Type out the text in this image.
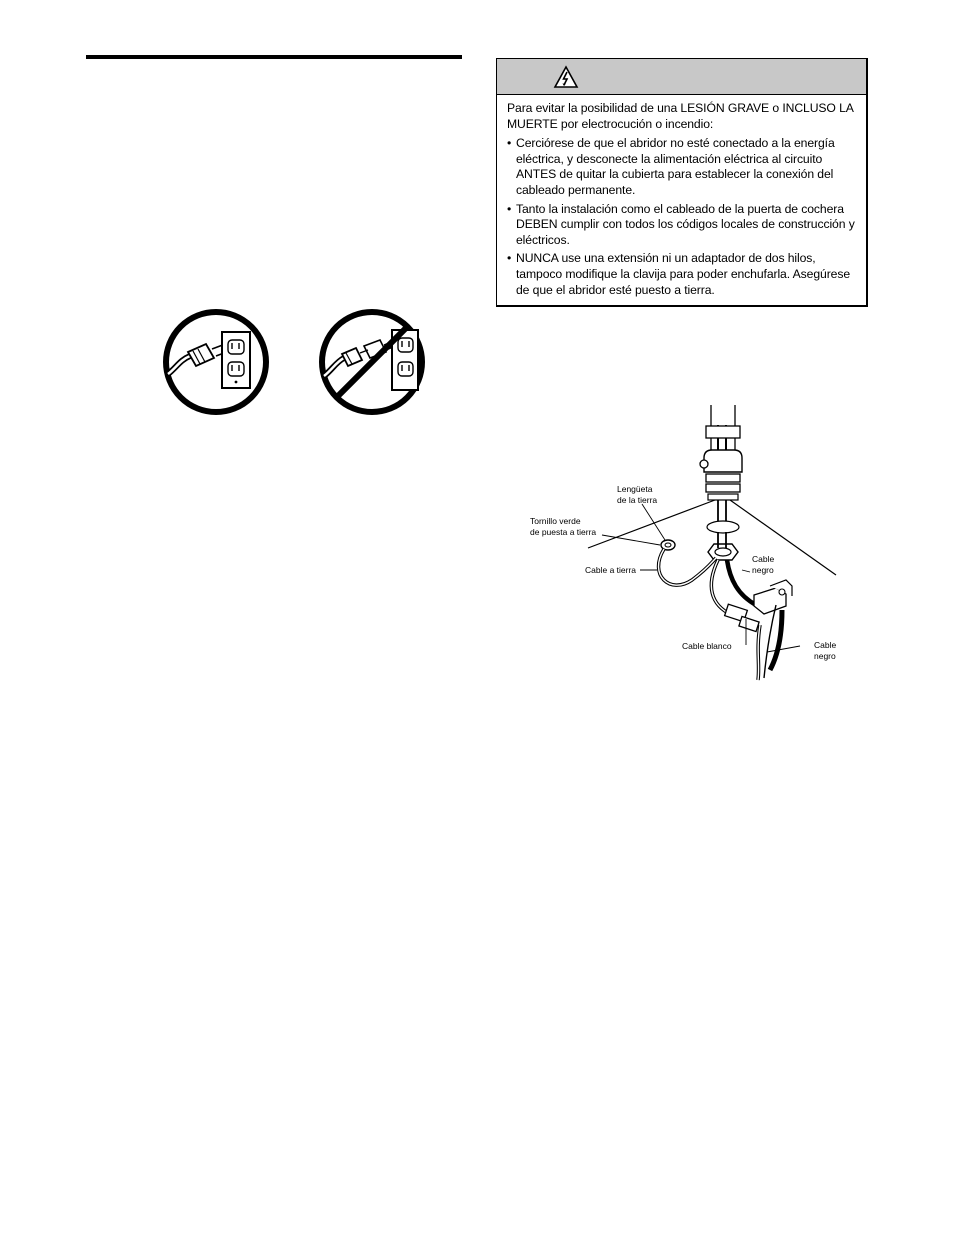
Para evitar la posibilidad de una LESIÓN GRAVE o INCLUSO LA MUERTE por electrocución o incendio:

• Cerciórese de que el abridor no esté conectado a la energía eléctrica, y desconecte la alimentación eléctrica al circuito ANTES de quitar la cubierta para establecer la conexión del cableado permanente.
• Tanto la instalación como el cableado de la puerta de cochera DEBEN cumplir con todos los códigos locales de construcción y eléctricos.
• NUNCA use una extensión ni un adaptador de dos hilos, tampoco modifique la clavija para poder enchufarla. Asegúrese de que el abridor esté puesto a tierra.
Lengüeta
de la tierra
Tornillo verde
de puesta a tierra
Cable a tierra
Cable
negro
Cable blanco	Cable
negro
